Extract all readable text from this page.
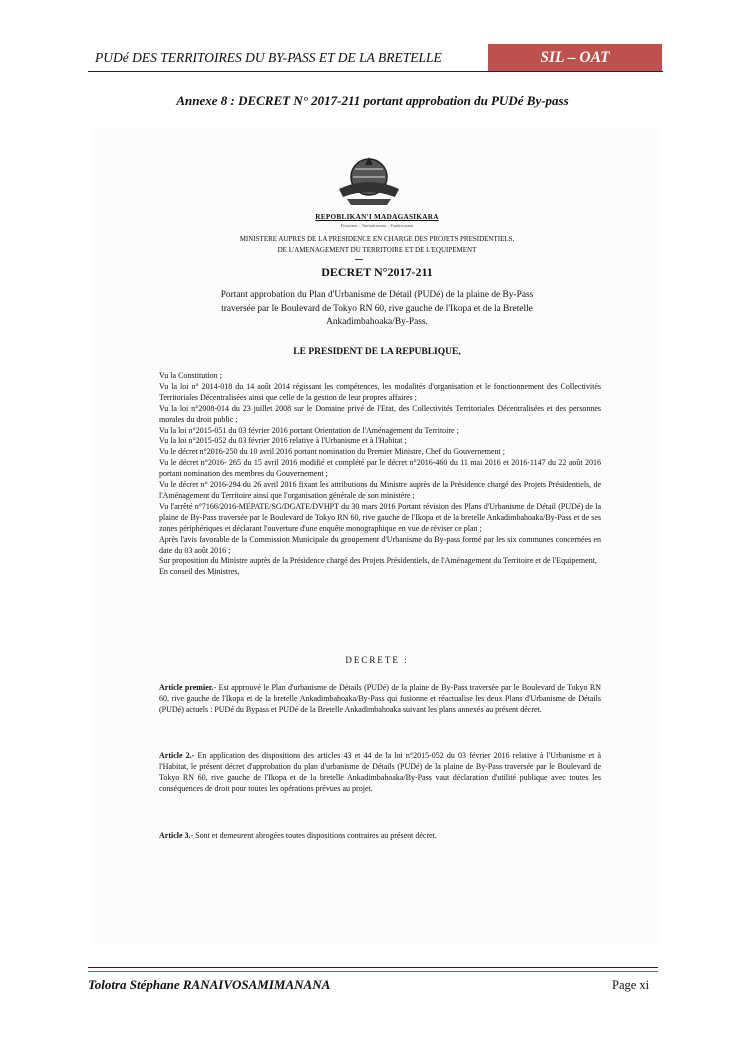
PUDé DES TERRITOIRES DU BY-PASS ET DE LA BRETELLE	SIL – OAT
Annexe 8 : DECRET N° 2017-211 portant approbation du PUDé By-pass
REPOBLIKAN'I MADAGASIKARA
Fitiavana – Tanindrazana – Fandrosoana
MINISTERE AUPRES DE LA PRESIDENCE EN CHARGE DES PROJETS PRESIDENTIELS,
DE L'AMENAGEMENT DU TERRITOIRE ET DE L'EQUIPEMENT
DECRET N°2017-211
Portant approbation du Plan d'Urbanisme de Détail (PUDé) de la plaine de By-Pass
traversée par le Boulevard de Tokyo RN 60, rive gauche de l'Ikopa et de la Bretelle
Ankadimbahoaka/By-Pass.
LE PRESIDENT DE LA REPUBLIQUE,
Vu la Constitution ;
Vu la loi n° 2014-018 du 14 août 2014 régissant les compétences, les modalités d'organisation et le fonctionnement des Collectivités Territoriales Décentralisées ainsi que celle de la gestion de leur propres affaires ;
Vu la loi n°2008-014 du 23 juillet 2008 sur le Domaine privé de l'Etat, des Collectivités Territoriales Décentralisées et des personnes morales du droit public ;
Vu la loi n°2015-051 du 03 février 2016 portant Orientation de l'Aménagement du Territoire ;
Vu la loi n°2015-052 du 03 février 2016 relative à l'Urbanisme et à l'Habitat ;
Vu le décret n°2016-250 du 10 avril 2016 portant nomination du Premier Ministre, Chef du Gouvernement ;
Vu le décret n°2016- 265 du 15 avril 2016 modifié et complété par le décret n°2016-460 du 11 mai 2016 et 2016-1147 du 22 août 2016 portant nomination des membres du Gouvernement ;
Vu le décret n° 2016-294 du 26 avril 2016 fixant les attributions du Ministre auprès de la Présidence chargé des Projets Présidentiels, de l'Aménagement du Territoire ainsi que l'organisation générale de son ministère ;
Vu l'arrêté n°7166/2016-MEPATE/SG/DGATE/DVHPT du 30 mars 2016 Portant révision des Plans d'Urbanisme de Détail (PUDé) de la plaine de By-Pass traversée par le Boulevard de Tokyo RN 60, rive gauche de l'Ikopa et de la bretelle Ankadimbahoaka/By-Pass et de ses zones périphériques et déclarant l'ouverture d'une enquête monographique en vue de réviser ce plan ;
Après l'avis favorable de la Commission Municipale du groupement d'Urbanisme du By-pass formé par les six communes concernées en date du 03 août 2016 ;
Sur proposition du Ministre auprès de la Présidence chargé des Projets Présidentiels, de l'Aménagement du Territoire et de l'Equipement,
En conseil des Ministres,
DECRETE :
Article premier.- Est approuvé le Plan d'urbanisme de Détails (PUDé) de la plaine de By-Pass traversée par le Boulevard de Tokyo RN 60, rive gauche de l'Ikopa et de la bretelle Ankadimbahoaka/By-Pass qui fusionne et réactualise les deux Plans d'Urbanisme de Détails (PUDé) actuels : PUDé du Bypass et PUDé de la Bretelle Ankadimbahoaka suivant les plans annexés au présent décret.
Article 2.- En application des dispositions des articles 43 et 44 de la loi n°2015-052 du 03 février 2016 relative à l'Urbanisme et à l'Habitat, le présent décret d'approbation du plan d'urbanisme de Détails (PUDé) de la plaine de By-Pass traversée par le Boulevard de Tokyo RN 60, rive gauche de l'Ikopa et de la bretelle Ankadimbahoaka/By-Pass vaut déclaration d'utilité publique avec toutes les conséquences de droit pour toutes les opérations prévues au projet.
Article 3.- Sont et demeurent abrogées toutes dispositions contraires au présent décret.
Tolotra Stéphane RANAIVOSAMIMANANA	Page xi
